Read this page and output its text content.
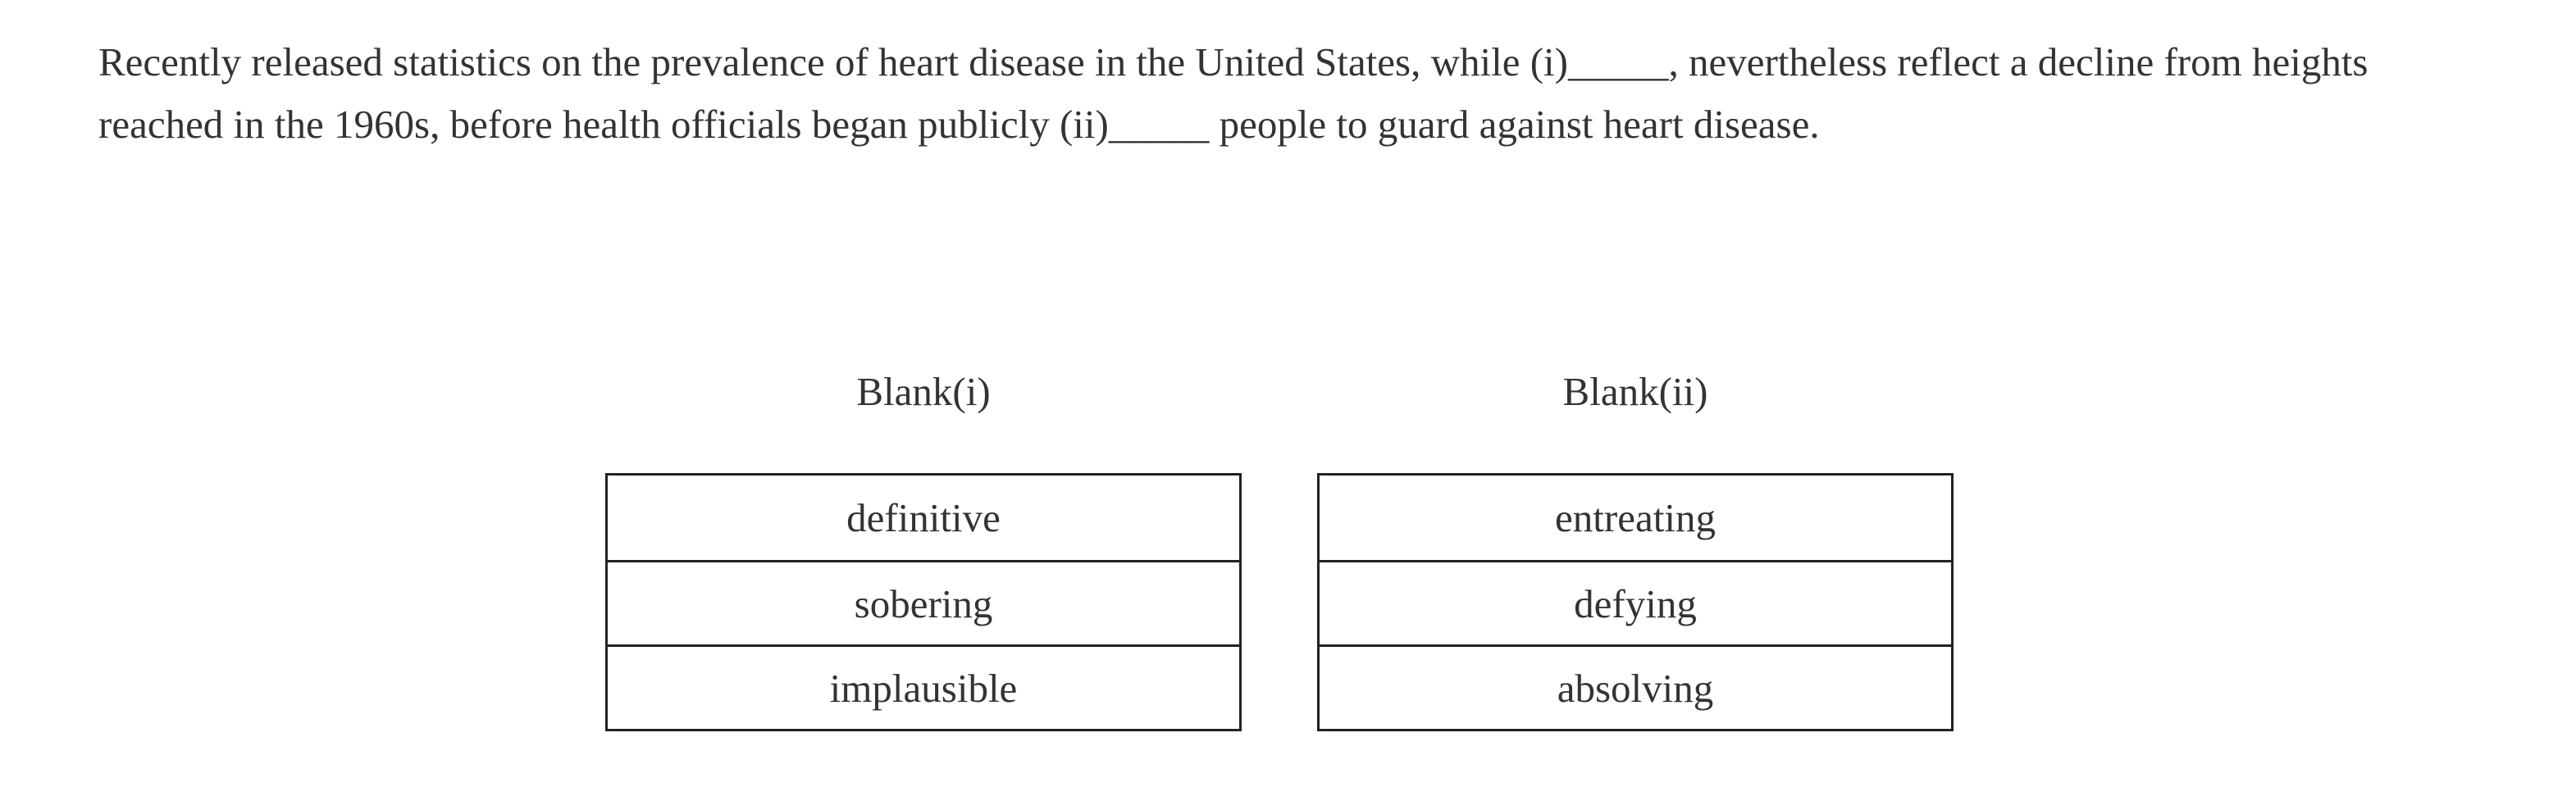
Recently released statistics on the prevalence of heart disease in the United States, while (i)_____, nevertheless reflect a decline from heights reached in the 1960s, before health officials began publicly (ii)_____ people to guard against heart disease.

Blank(i)
definitive
sobering
implausible
Blank(ii)
entreating
defying
absolving
